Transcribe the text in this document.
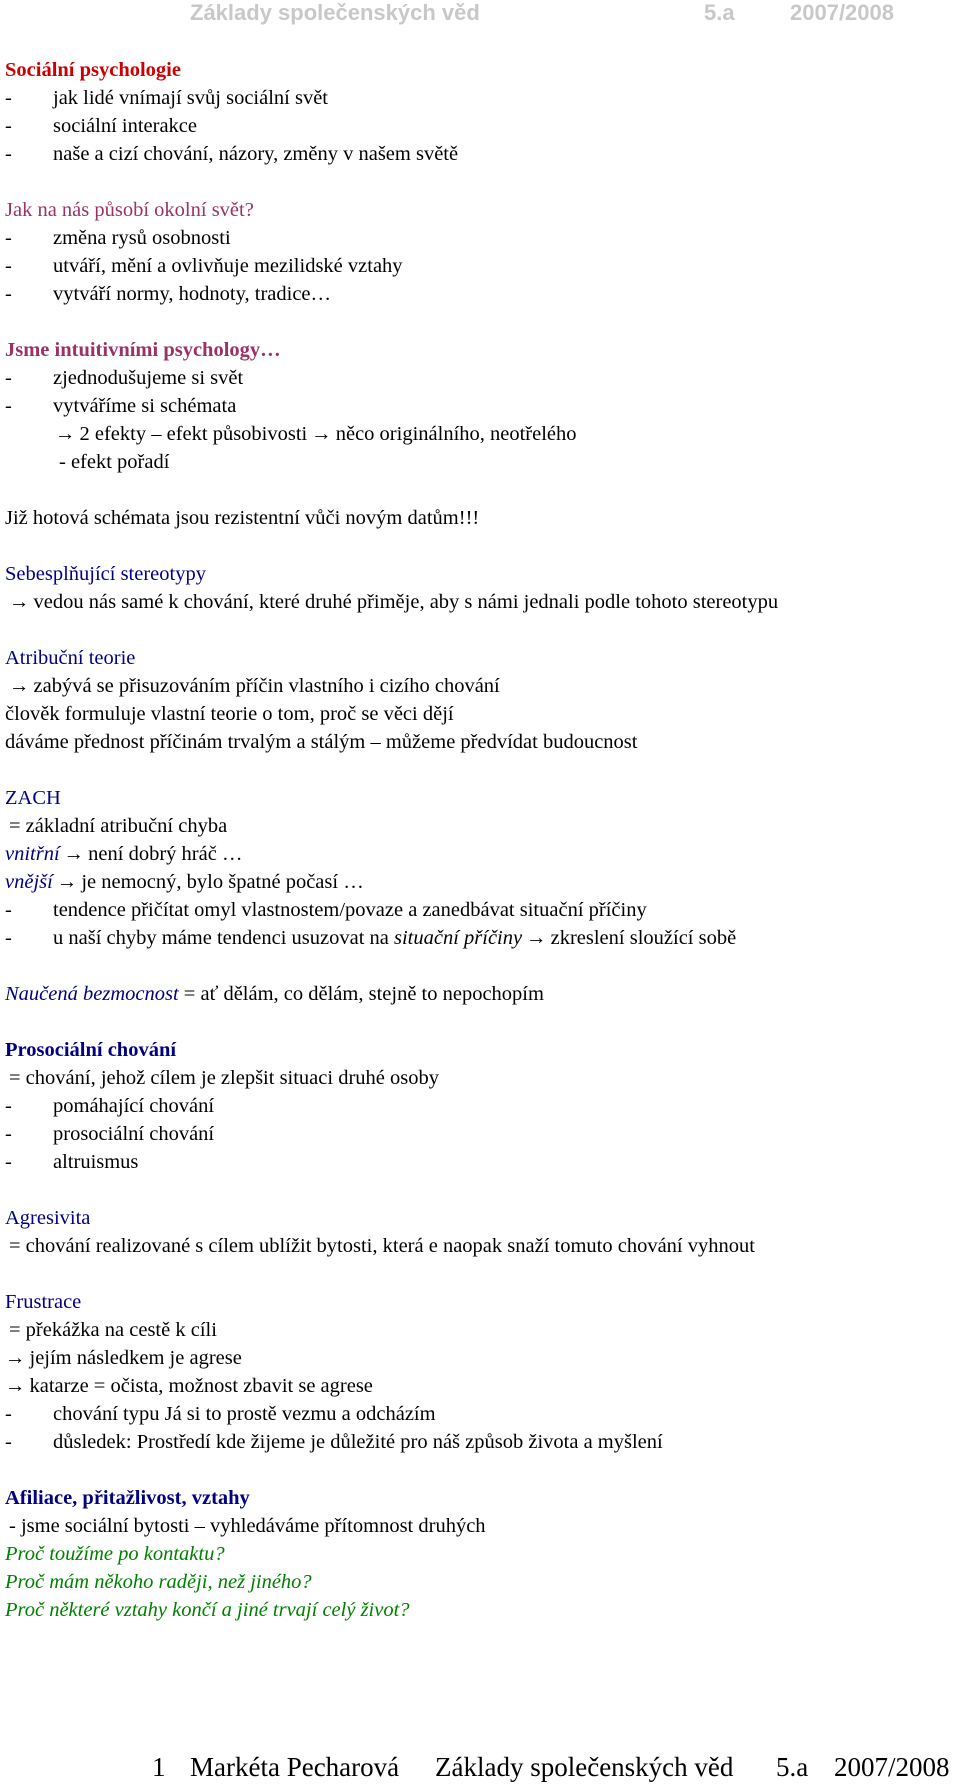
Základy společenských věd	5.a	2007/2008
Sociální psychologie
- jak lidé vnímají svůj sociální svět
- sociální interakce
- naše a cizí chování, názory, změny v našem světě
Jak na nás působí okolní svět?
- změna rysů osobnosti
- utváří, mění a ovlivňuje mezilidské vztahy
- vytváří normy, hodnoty, tradice…
Jsme intuitivními psychology…
- zjednodušujeme si svět
- vytváříme si schémata
→ 2 efekty – efekt působivosti → něco originálního, neotřelého
- efekt pořadí
Již hotová schémata jsou rezistentní vůči novým datům!!!
Sebesplňující stereotypy
→ vedou nás samé k chování, které druhé přiměje, aby s námi jednali podle tohoto stereotypu
Atribuční teorie
→ zabývá se přisuzováním příčin vlastního i cizího chování
člověk formuluje vlastní teorie o tom, proč se věci dějí
dáváme přednost příčinám trvalým a stálým – můžeme předvídat budoucnost
ZACH
= základní atribuční chyba
vnitřní → není dobrý hráč …
vnější → je nemocný, bylo špatné počasí …
- tendence přičítat omyl vlastnostem/povaze a zanedbávat situační příčiny
- u naší chyby máme tendenci usuzovat na situační příčiny → zkreslení sloužící sobě
Naučená bezmocnost = ať dělám, co dělám, stejně to nepochopím
Prosociální chování
= chování, jehož cílem je zlepšit situaci druhé osoby
- pomáhající chování
- prosociální chování
- altruismus
Agresivita
= chování realizované s cílem ublížit bytosti, která e naopak snaží tomuto chování vyhnout
Frustrace
= překážka na cestě k cíli
→ jejím následkem je agrese
→ katarze = očista, možnost zbavit se agrese
- chování typu Já si to prostě vezmu a odcházím
- důsledek: Prostředí kde žijeme je důležité pro náš způsob života a myšlení
Afiliace, přitažlivost, vztahy
- jsme sociální bytosti – vyhledáváme přítomnost druhých
Proč toužíme po kontaktu?
Proč mám někoho raději, než jiného?
Proč některé vztahy končí a jiné trvají celý život?
1 Markéta Pecharová Základy společenských věd 5.a 2007/2008
